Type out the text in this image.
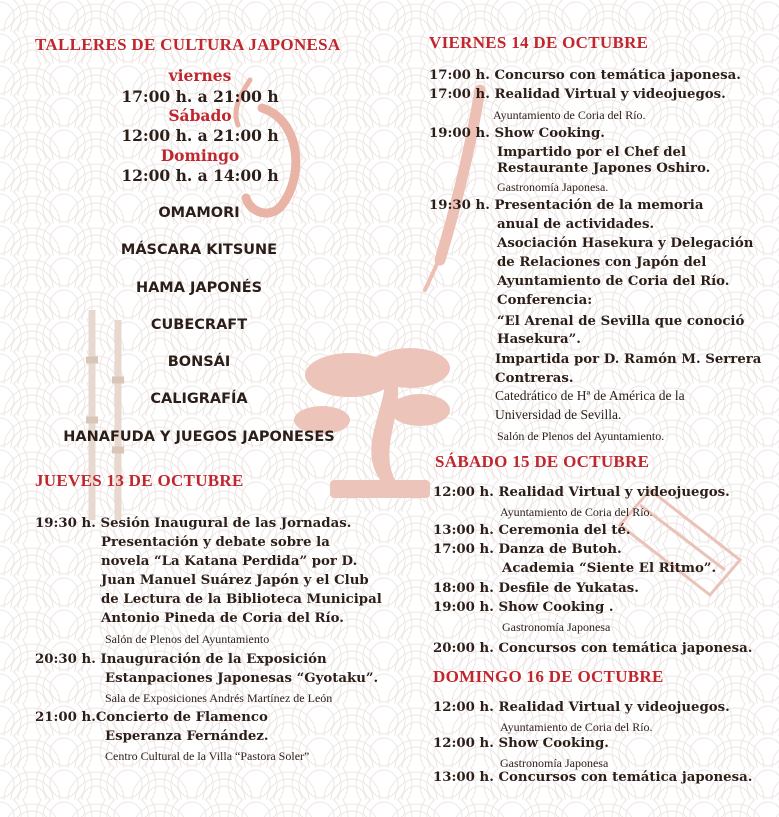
TALLERES DE CULTURA JAPONESA
viernes
17:00 h. a 21:00 h
Sábado
12:00 h. a 21:00 h
Domingo
12:00 h. a 14:00 h
OMAMORI
MÁSCARA KITSUNE
HAMA JAPONÉS
CUBECRAFT
BONSÁI
CALIGRAFÍA
HANAFUDA Y JUEGOS JAPONESES
JUEVES 13 DE OCTUBRE
19:30 h. Sesión Inaugural de las Jornadas.
Presentación y debate sobre la
novela “La Katana Perdida” por D.
Juan Manuel Suárez Japón y el Club
de Lectura de la Biblioteca Municipal
Antonio Pineda de Coria del Río.
Salón de Plenos del Ayuntamiento
20:30 h. Inauguración de la Exposición
Estanpaciones Japonesas “Gyotaku”.
Sala de Exposiciones Andrés Martínez de León
21:00 h.Concierto de Flamenco
Esperanza Fernández.
Centro Cultural de la Villa “Pastora Soler”
VIERNES 14 DE OCTUBRE
17:00 h. Concurso con temática japonesa.
17:00 h. Realidad Virtual y videojuegos.
Ayuntamiento de Coria del Río.
19:00 h. Show Cooking.
Impartido por el Chef del
Restaurante Japones Oshiro.
Gastronomía Japonesa.
19:30 h. Presentación de la memoria
anual de actividades.
Asociación Hasekura y Delegación
de Relaciones con Japón del
Ayuntamiento de Coria del Río.
Conferencia:
“El Arenal de Sevilla que conoció
Hasekura”.
Impartida por D. Ramón M. Serrera
Contreras.
Catedrático de Hª de América de la
Universidad de Sevilla.
Salón de Plenos del Ayuntamiento.
SÁBADO 15 DE OCTUBRE
12:00 h. Realidad Virtual y videojuegos.
Ayuntamiento de Coria del Río.
13:00 h. Ceremonia del té.
17:00 h. Danza de Butoh.
Academia “Siente El Ritmo”.
18:00 h. Desfile de Yukatas.
19:00 h. Show Cooking .
Gastronomía Japonesa
20:00 h. Concursos con temática japonesa.
DOMINGO 16 DE OCTUBRE
12:00 h. Realidad Virtual y videojuegos.
Ayuntamiento de Coria del Río.
12:00 h. Show Cooking.
Gastronomía Japonesa
13:00 h. Concursos con temática japonesa.
